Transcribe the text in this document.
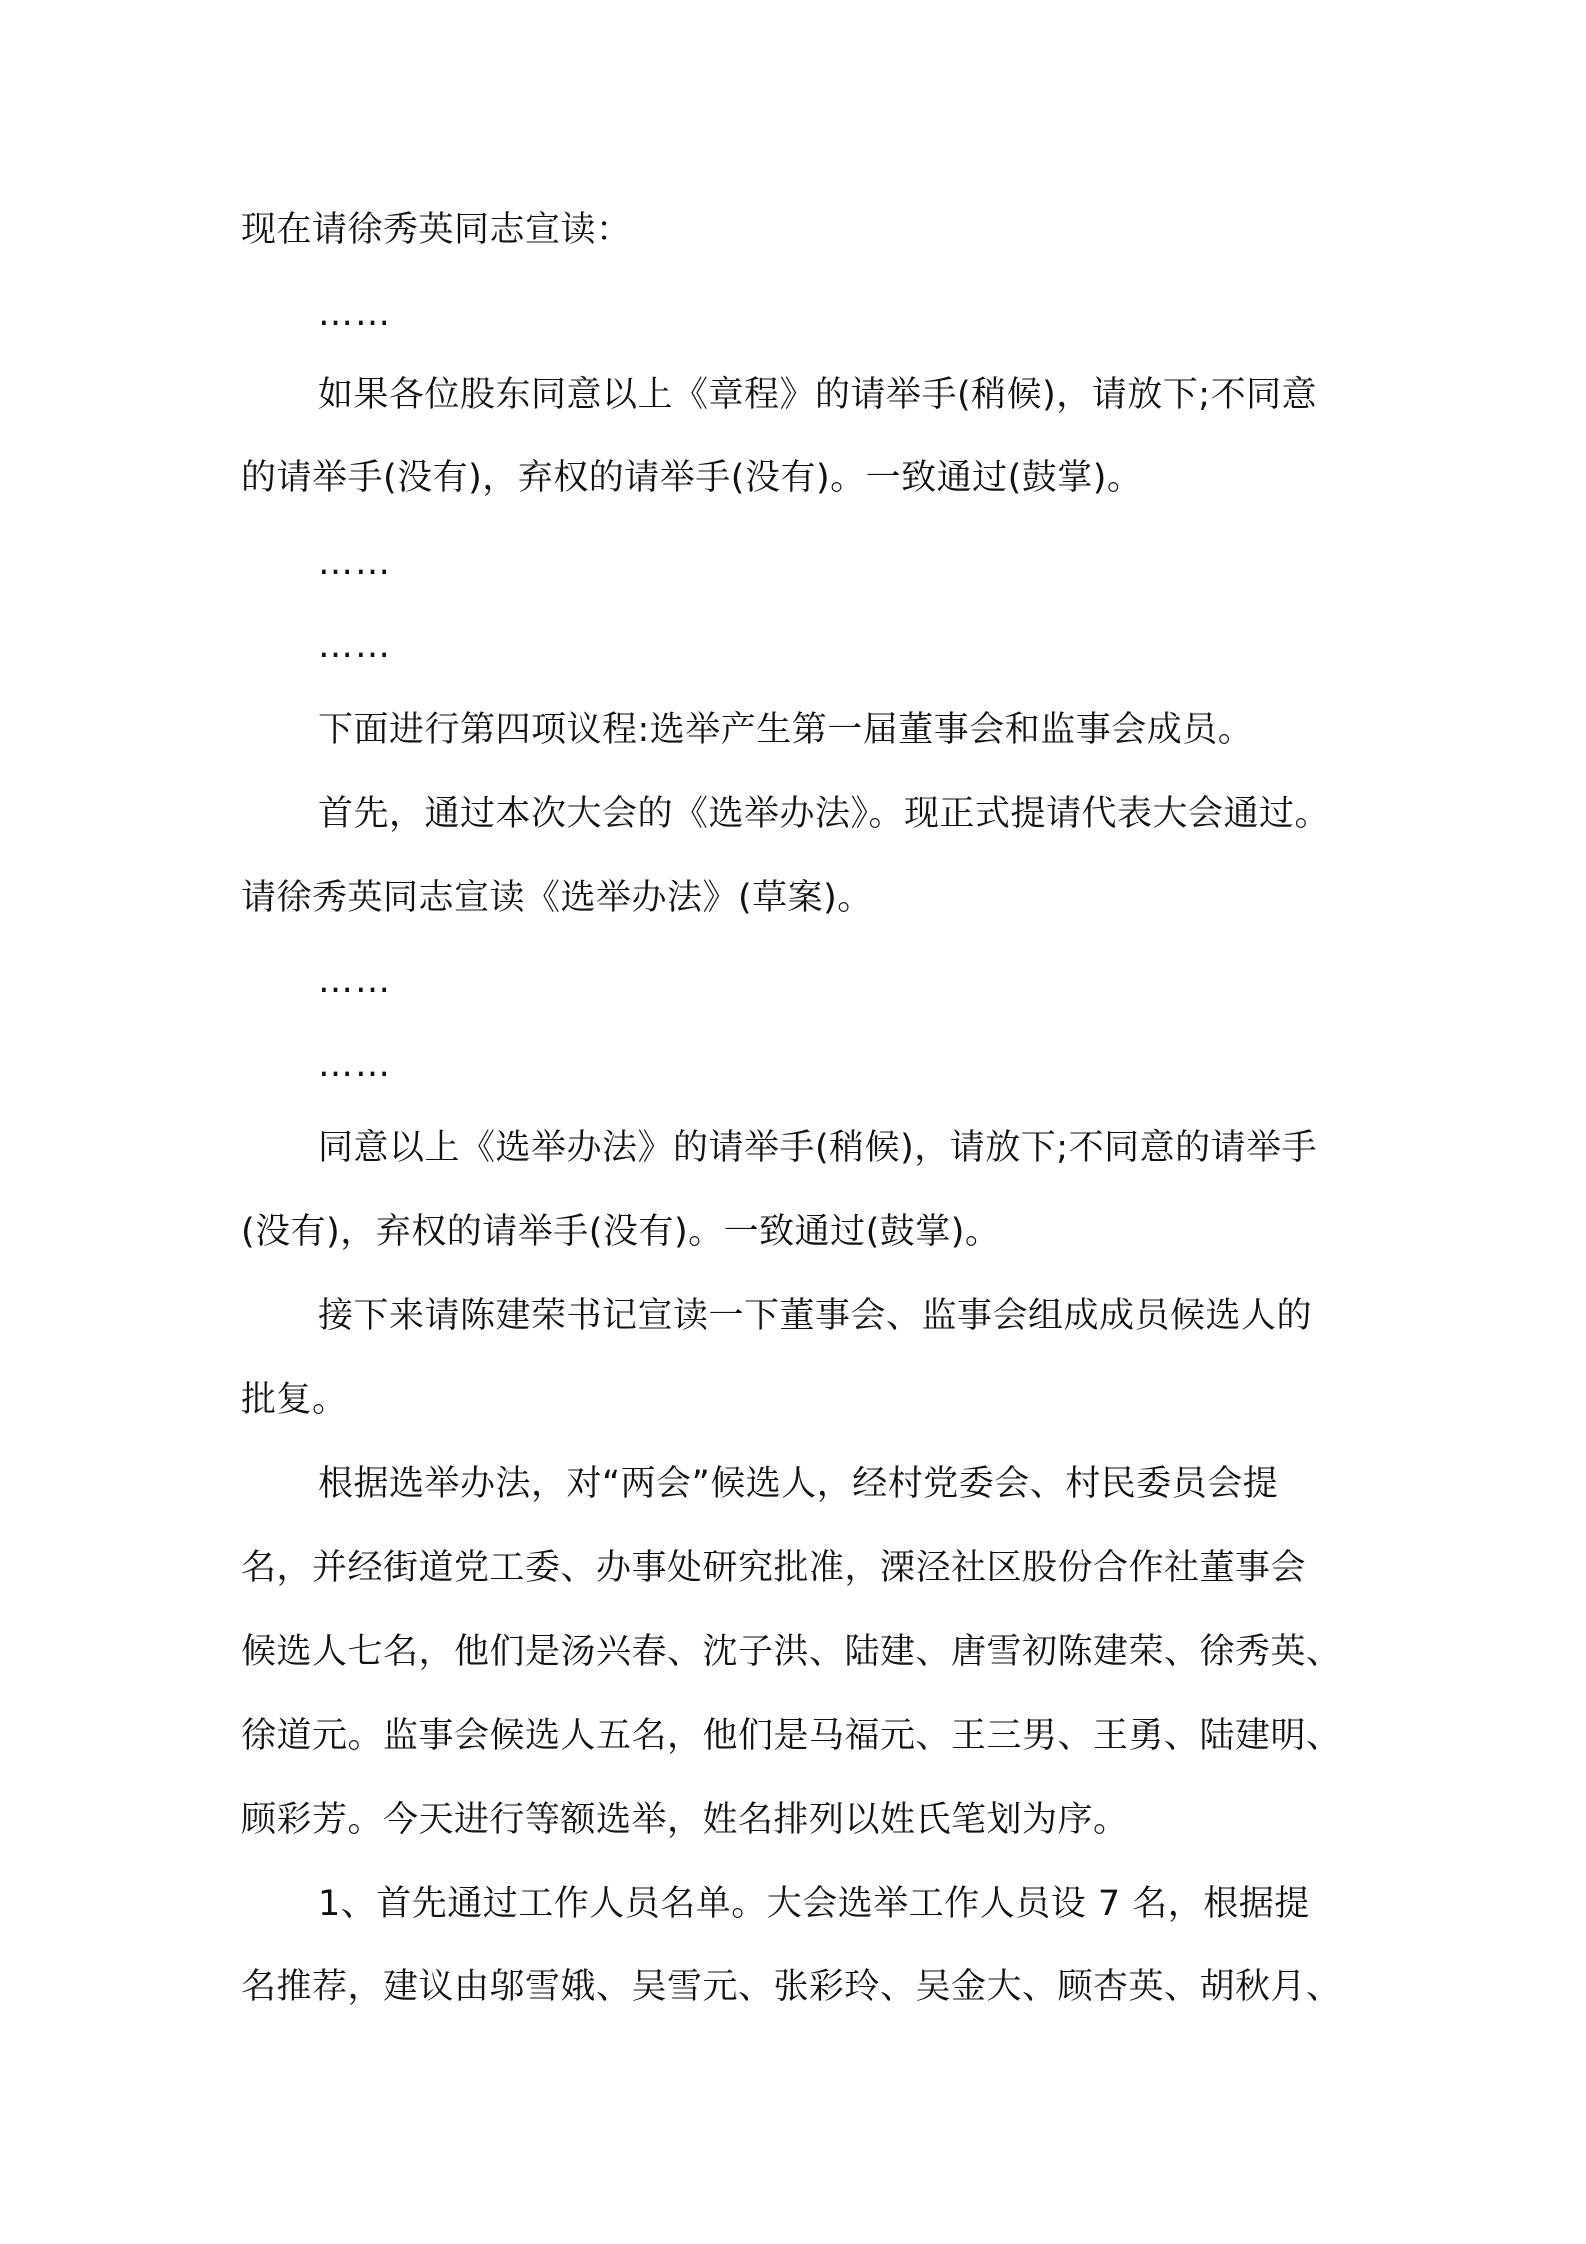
现在请徐秀英同志宣读：

……

如果各位股东同意以上《章程》的请举手(稍候)，请放下;不同意

的请举手(没有)，弃权的请举手(没有)。一致通过(鼓掌)。

……

……

下面进行第四项议程:选举产生第一届董事会和监事会成员。

首先，通过本次大会的《选举办法》。现正式提请代表大会通过。

请徐秀英同志宣读《选举办法》(草案)。

……

……

同意以上《选举办法》的请举手(稍候)，请放下;不同意的请举手

(没有)，弃权的请举手(没有)。一致通过(鼓掌)。

接下来请陈建荣书记宣读一下董事会、监事会组成成员候选人的

批复。

根据选举办法，对“两会”候选人，经村党委会、村民委员会提

名，并经街道党工委、办事处研究批准，溧泾社区股份合作社董事会

候选人七名，他们是汤兴春、沈子洪、陆建、唐雪初陈建荣、徐秀英、

徐道元。监事会候选人五名，他们是马福元、王三男、王勇、陆建明、

顾彩芳。今天进行等额选举，姓名排列以姓氏笔划为序。

1、首先通过工作人员名单。大会选举工作人员设 7 名，根据提

名推荐，建议由邬雪娥、吴雪元、张彩玲、吴金大、顾杏英、胡秋月、
